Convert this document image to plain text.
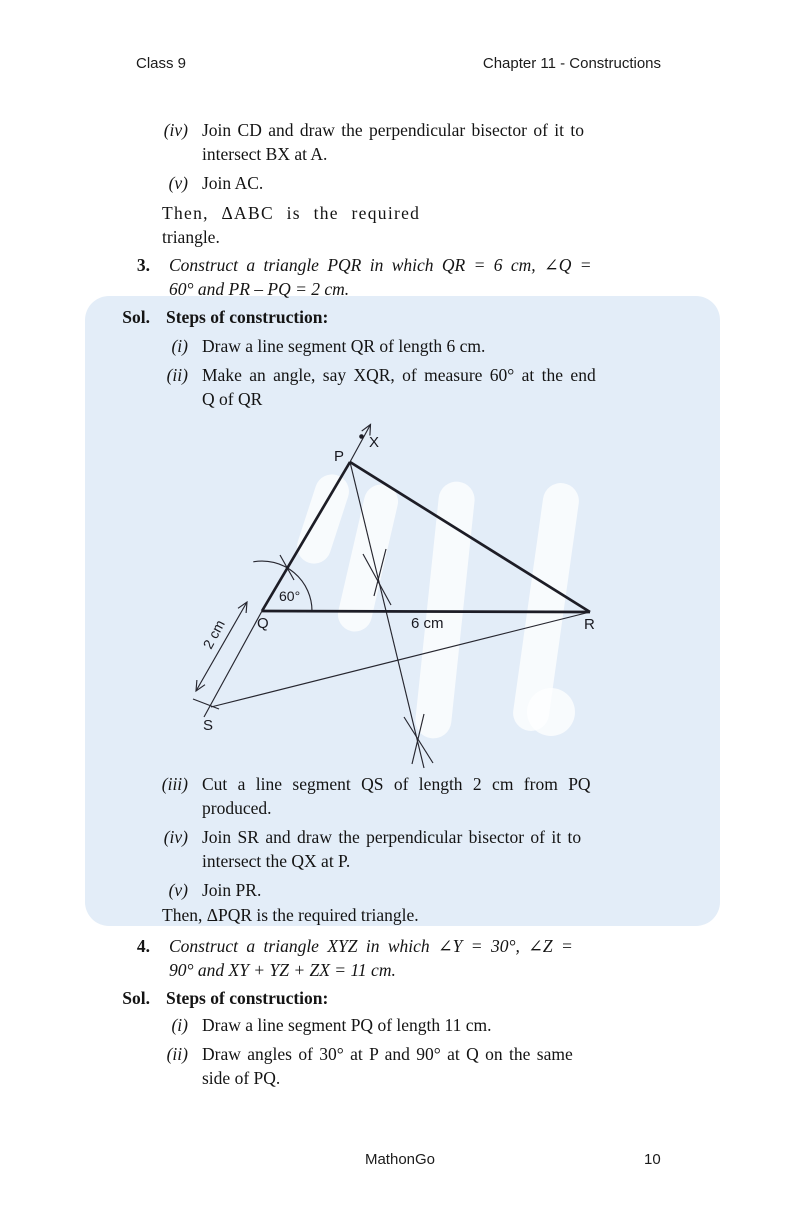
Class 9	Chapter 11 - Constructions
(iv) Join CD and draw the perpendicular bisector of it to
intersect BX at A.
(v) Join AC.
Then, ΔABC is the required
triangle.
3. Construct a triangle PQR in which QR = 6 cm, ∠Q =
60° and PR – PQ = 2 cm.
Sol. Steps of construction:
(i) Draw a line segment QR of length 6 cm.
(ii) Make an angle, say XQR, of measure 60° at the end
Q of QR
X
P
Q	R
S
60°
6 cm
2 cm
(iii) Cut a line segment QS of length 2 cm from PQ
produced.
(iv) Join SR and draw the perpendicular bisector of it to
intersect the QX at P.
(v) Join PR.
Then, ΔPQR is the required triangle.
4. Construct a triangle XYZ in which ∠Y = 30°, ∠Z =
90° and XY + YZ + ZX = 11 cm.
Sol. Steps of construction:
(i) Draw a line segment PQ of length 11 cm.
(ii) Draw angles of 30° at P and 90° at Q on the same
side of PQ.
MathonGo	10
